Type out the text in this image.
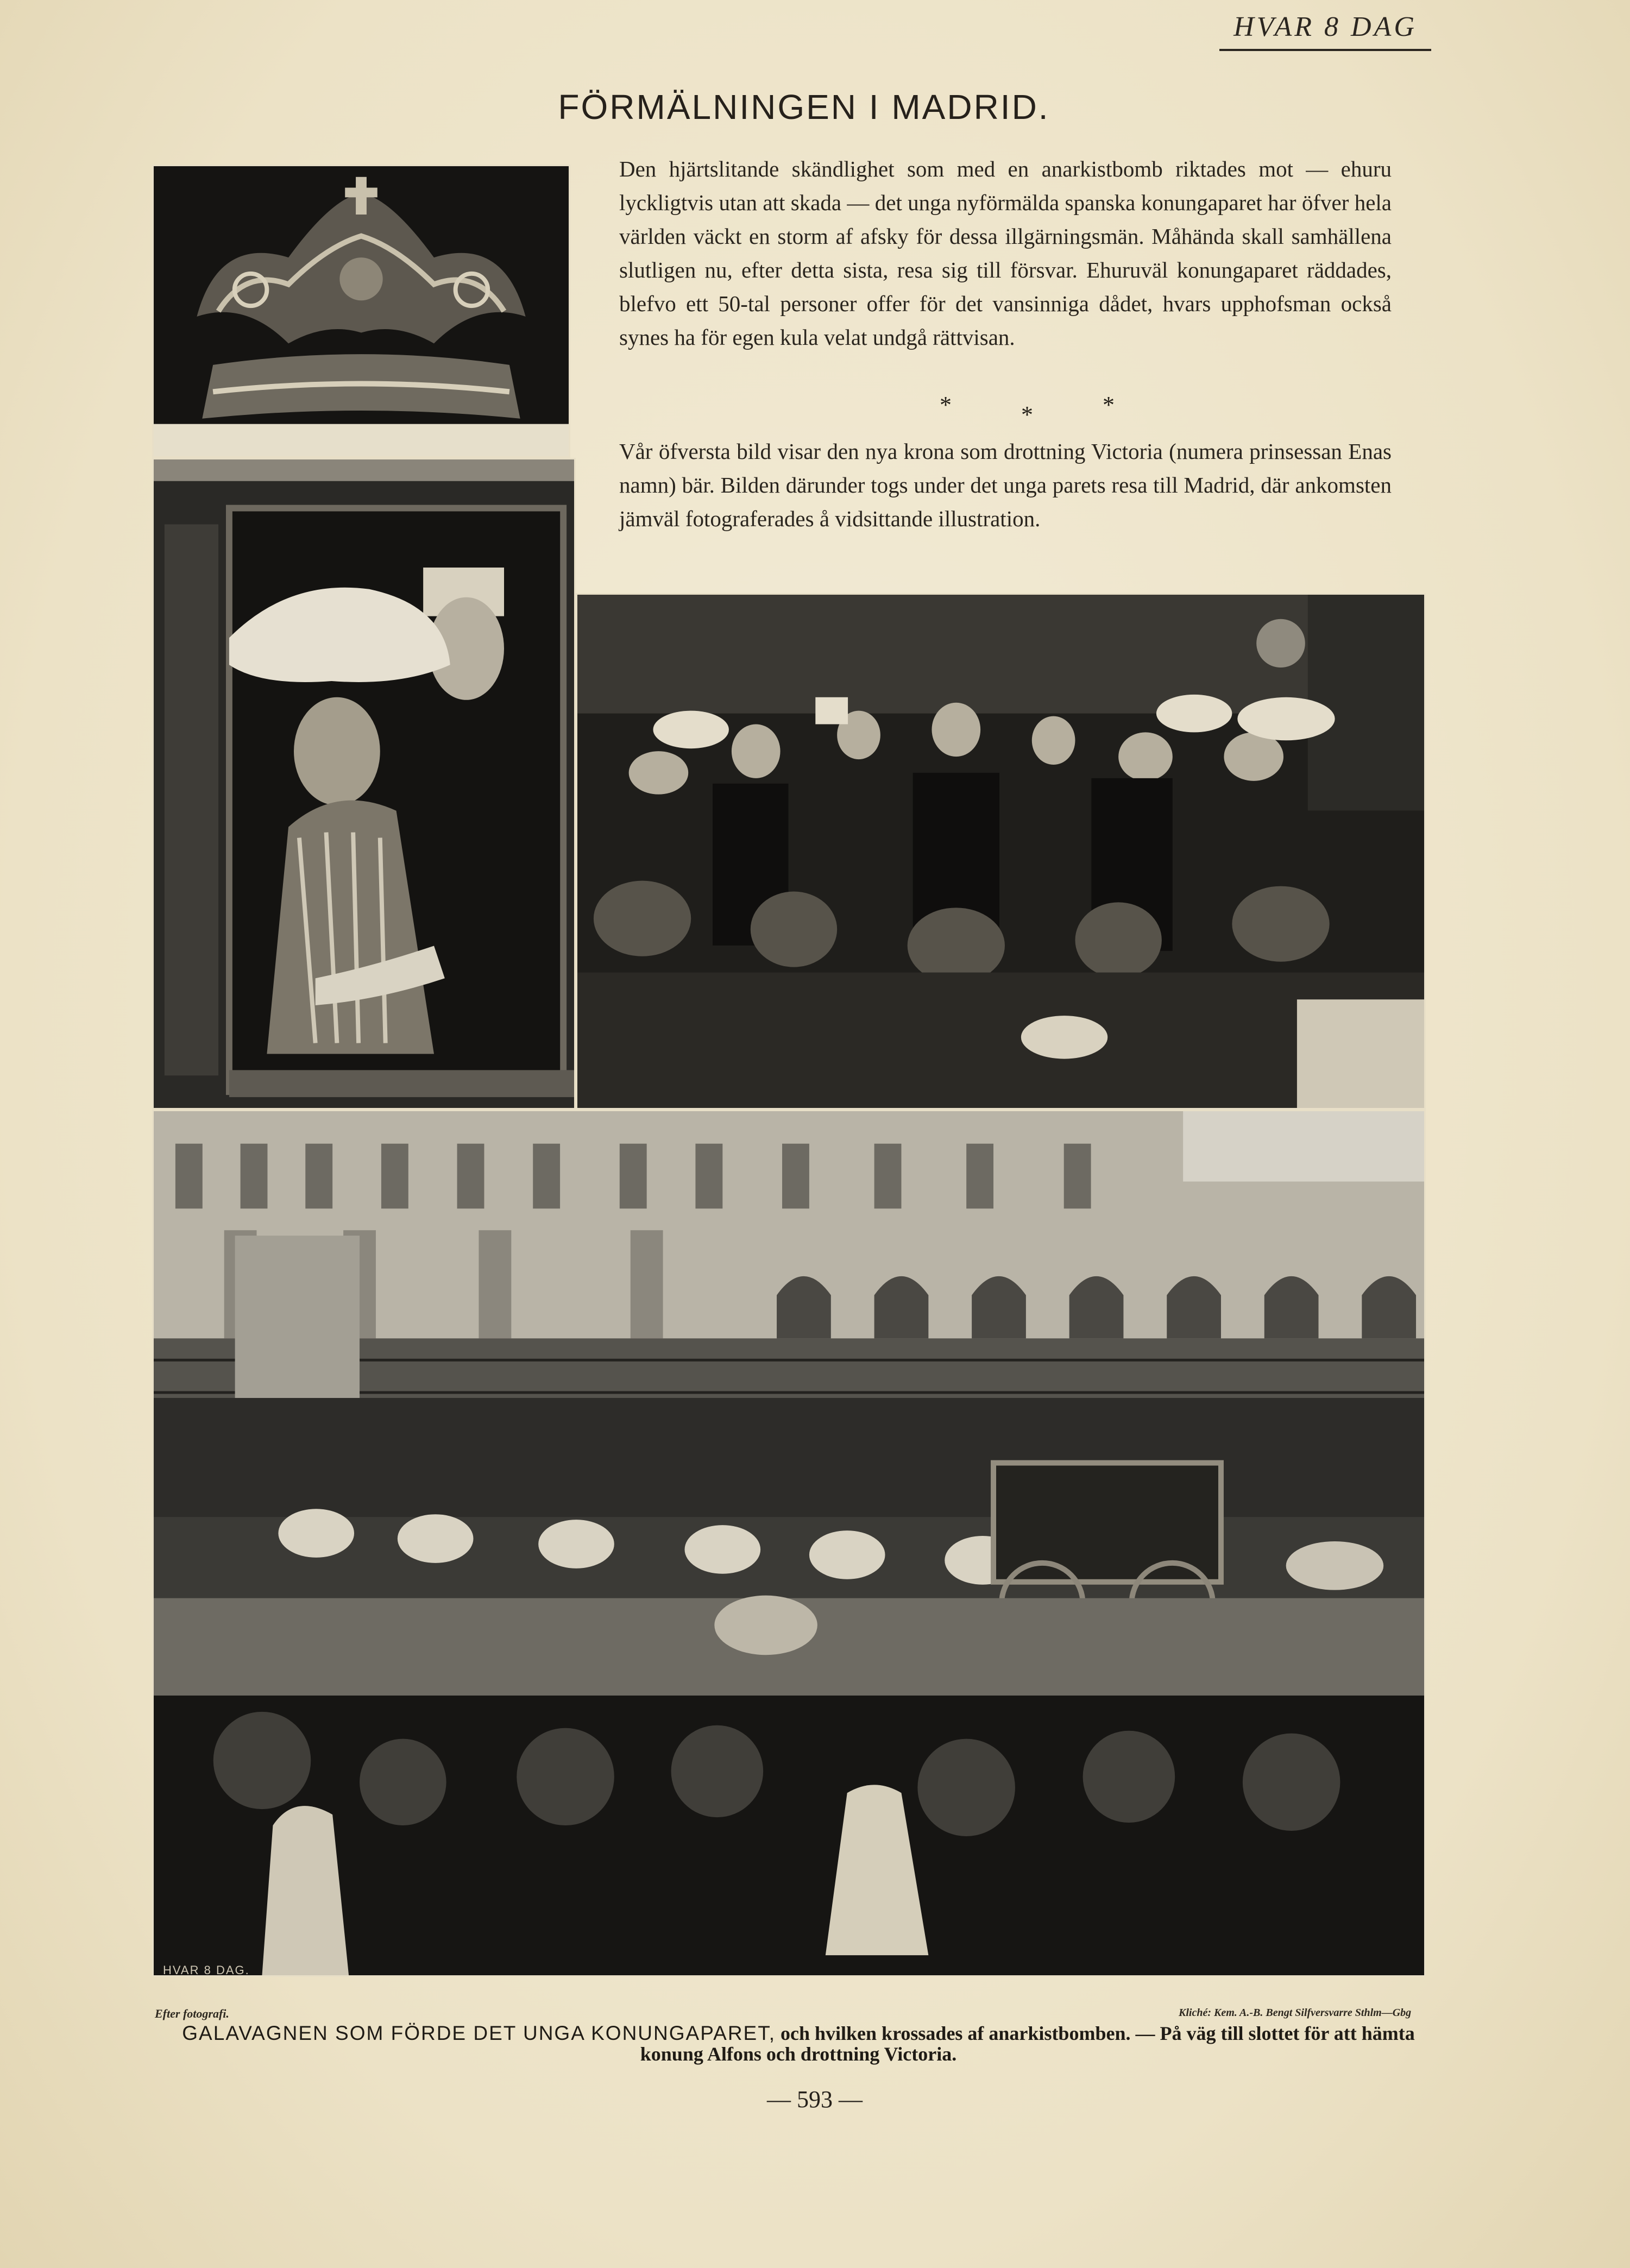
HVAR 8 DAG
FÖRMÄLNINGEN I MADRID.
Den hjärtslitande skändlighet som med en anarkistbomb riktades mot — ehuru lyckligtvis utan att skada — det unga nyförmälda spanska konungaparet har öfver hela världen väckt en storm af afsky för dessa illgärningsmän. Måhända skall samhällena slutligen nu, efter detta sista, resa sig till försvar. Ehuruväl konungaparet räddades, blefvo ett 50-tal personer offer för det vansinniga dådet, hvars upphofsman också synes ha för egen kula velat undgå rättvisan.
*	*	*
Vår öfversta bild visar den nya krona som drottning Victoria (numera prinsessan Enas namn) bär. Bilden därunder togs under det unga parets resa till Madrid, där ankomsten jämväl fotograferades å vidsittande illustration.
HVAR 8 DAG.
Efter fotografi.	Kliché: Kem. A.-B. Bengt Silfversvarre Sthlm—Gbg
GALAVAGNEN SOM FÖRDE DET UNGA KONUNGAPARET, och hvilken krossades af anarkistbomben. — På väg till slottet för att hämta konung Alfons och drottning Victoria.
— 593 —
